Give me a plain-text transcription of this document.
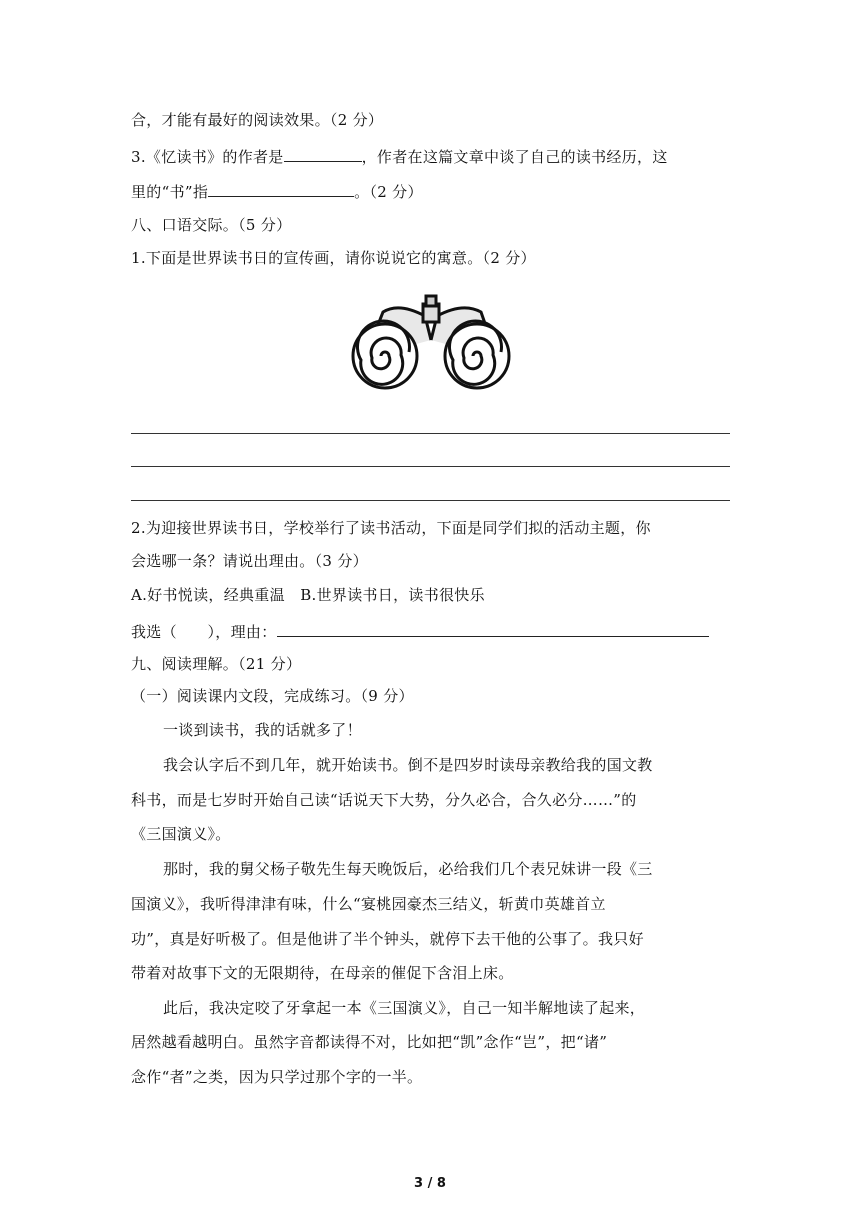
合，才能有最好的阅读效果。（2 分）
3.《忆读书》的作者是	，作者在这篇文章中谈了自己的读书经历，这
里的“书”指	。（2 分）
八、口语交际。（5 分）
1.下面是世界读书日的宣传画，请你说说它的寓意。（2 分）
2.为迎接世界读书日，学校举行了读书活动，下面是同学们拟的活动主题，你
会选哪一条？请说出理由。（3 分）
A.好书悦读，经典重温　B.世界读书日，读书很快乐
我选（　　），理由：
九、阅读理解。（21 分）
（一）阅读课内文段，完成练习。（9 分）
一谈到读书，我的话就多了！
我会认字后不到几年，就开始读书。倒不是四岁时读母亲教给我的国文教
科书，而是七岁时开始自己读“话说天下大势，分久必合，合久必分……”的
《三国演义》。
那时，我的舅父杨子敬先生每天晚饭后，必给我们几个表兄妹讲一段《三
国演义》，我听得津津有味，什么“宴桃园豪杰三结义，斩黄巾英雄首立
功”，真是好听极了。但是他讲了半个钟头，就停下去干他的公事了。我只好
带着对故事下文的无限期待，在母亲的催促下含泪上床。
此后，我决定咬了牙拿起一本《三国演义》，自己一知半解地读了起来，
居然越看越明白。虽然字音都读得不对，比如把“凯”念作“岂”，把“诸”
念作“者”之类，因为只学过那个字的一半。
3 / 8
